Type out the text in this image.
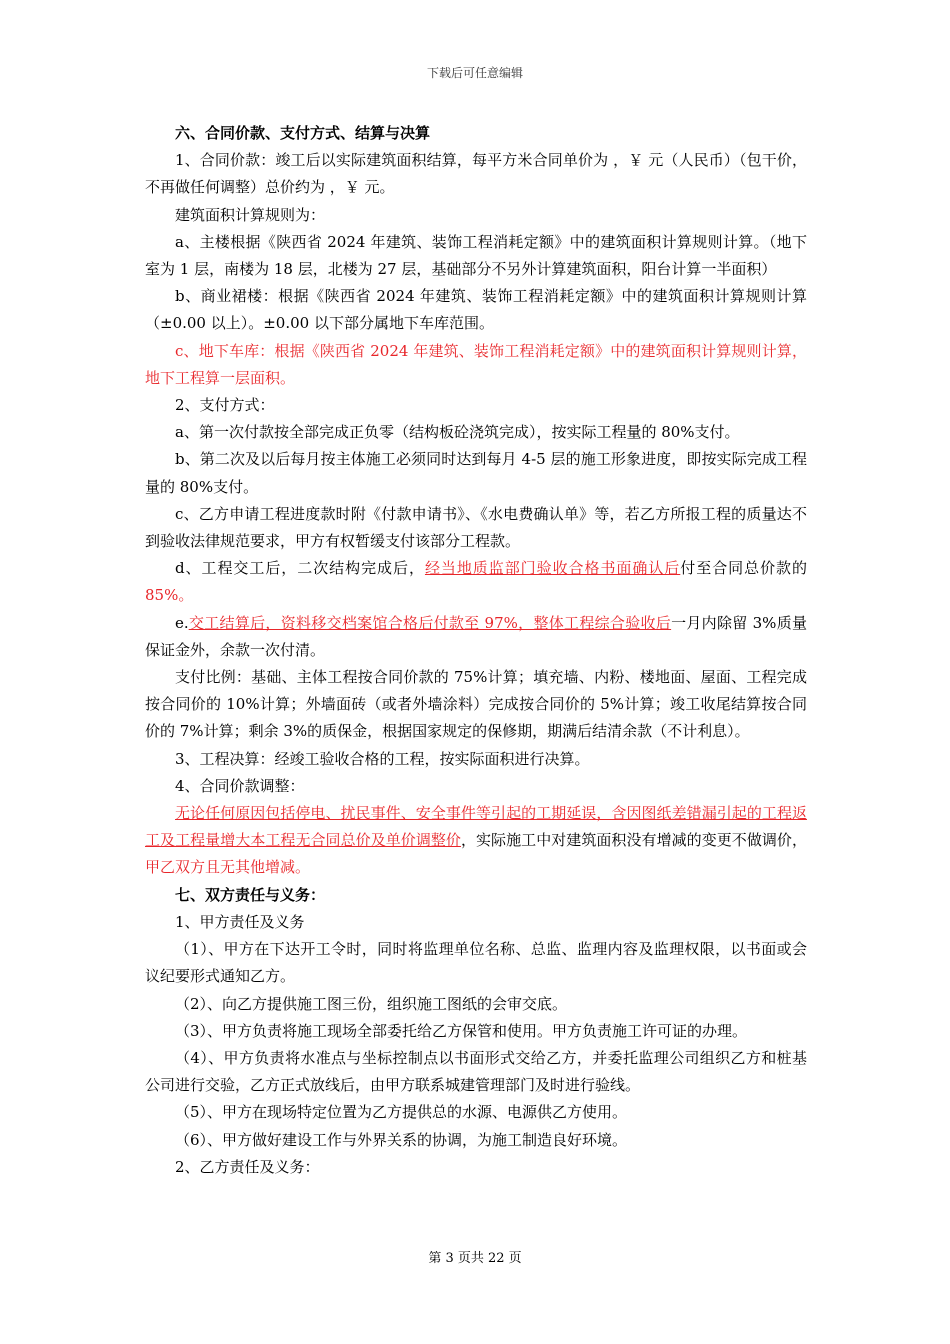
下载后可任意编辑

六、合同价款、支付方式、结算与决算

1、合同价款：竣工后以实际建筑面积结算，每平方米合同单价为 ，￥ 元（人民币）（包干价，不再做任何调整）总价约为 ，￥ 元。

建筑面积计算规则为：

a、主楼根据《陕西省 2024 年建筑、装饰工程消耗定额》中的建筑面积计算规则计算。（地下室为 1 层，南楼为 18 层，北楼为 27 层，基础部分不另外计算建筑面积，阳台计算一半面积）

b、商业裙楼：根据《陕西省 2024 年建筑、装饰工程消耗定额》中的建筑面积计算规则计算（±0.00 以上）。±0.00 以下部分属地下车库范围。

c、地下车库：根据《陕西省 2024 年建筑、装饰工程消耗定额》中的建筑面积计算规则计算，地下工程算一层面积。

2、支付方式：

a、第一次付款按全部完成正负零（结构板砼浇筑完成），按实际工程量的 80%支付。

b、第二次及以后每月按主体施工必须同时达到每月 4-5 层的施工形象进度，即按实际完成工程量的 80%支付。

c、乙方申请工程进度款时附《付款申请书》、《水电费确认单》等，若乙方所报工程的质量达不到验收法律规范要求，甲方有权暂缓支付该部分工程款。

d、工程交工后，二次结构完成后，经当地质监部门验收合格书面确认后付至合同总价款的 85%。

e.交工结算后，资料移交档案馆合格后付款至 97%，整体工程综合验收后一月内除留 3%质量保证金外，余款一次付清。

支付比例：基础、主体工程按合同价款的 75%计算；填充墙、内粉、楼地面、屋面、工程完成按合同价的 10%计算；外墙面砖（或者外墙涂料）完成按合同价的 5%计算；竣工收尾结算按合同价的 7%计算；剩余 3%的质保金，根据国家规定的保修期，期满后结清余款（不计利息）。

3、工程决算：经竣工验收合格的工程，按实际面积进行决算。

4、合同价款调整：

无论任何原因包括停电、扰民事件、安全事件等引起的工期延误，含因图纸差错漏引起的工程返工及工程量增大本工程无合同总价及单价调整价，实际施工中对建筑面积没有增减的变更不做调价，甲乙双方且无其他增减。

七、双方责任与义务：

1、甲方责任及义务

（1）、甲方在下达开工令时，同时将监理单位名称、总监、监理内容及监理权限，以书面或会议纪要形式通知乙方。

（2）、向乙方提供施工图三份，组织施工图纸的会审交底。

（3）、甲方负责将施工现场全部委托给乙方保管和使用。甲方负责施工许可证的办理。

（4）、甲方负责将水准点与坐标控制点以书面形式交给乙方，并委托监理公司组织乙方和桩基公司进行交验，乙方正式放线后，由甲方联系城建管理部门及时进行验线。

（5）、甲方在现场特定位置为乙方提供总的水源、电源供乙方使用。

（6）、甲方做好建设工作与外界关系的协调，为施工制造良好环境。

2、乙方责任及义务：

第 3 页共 22 页
